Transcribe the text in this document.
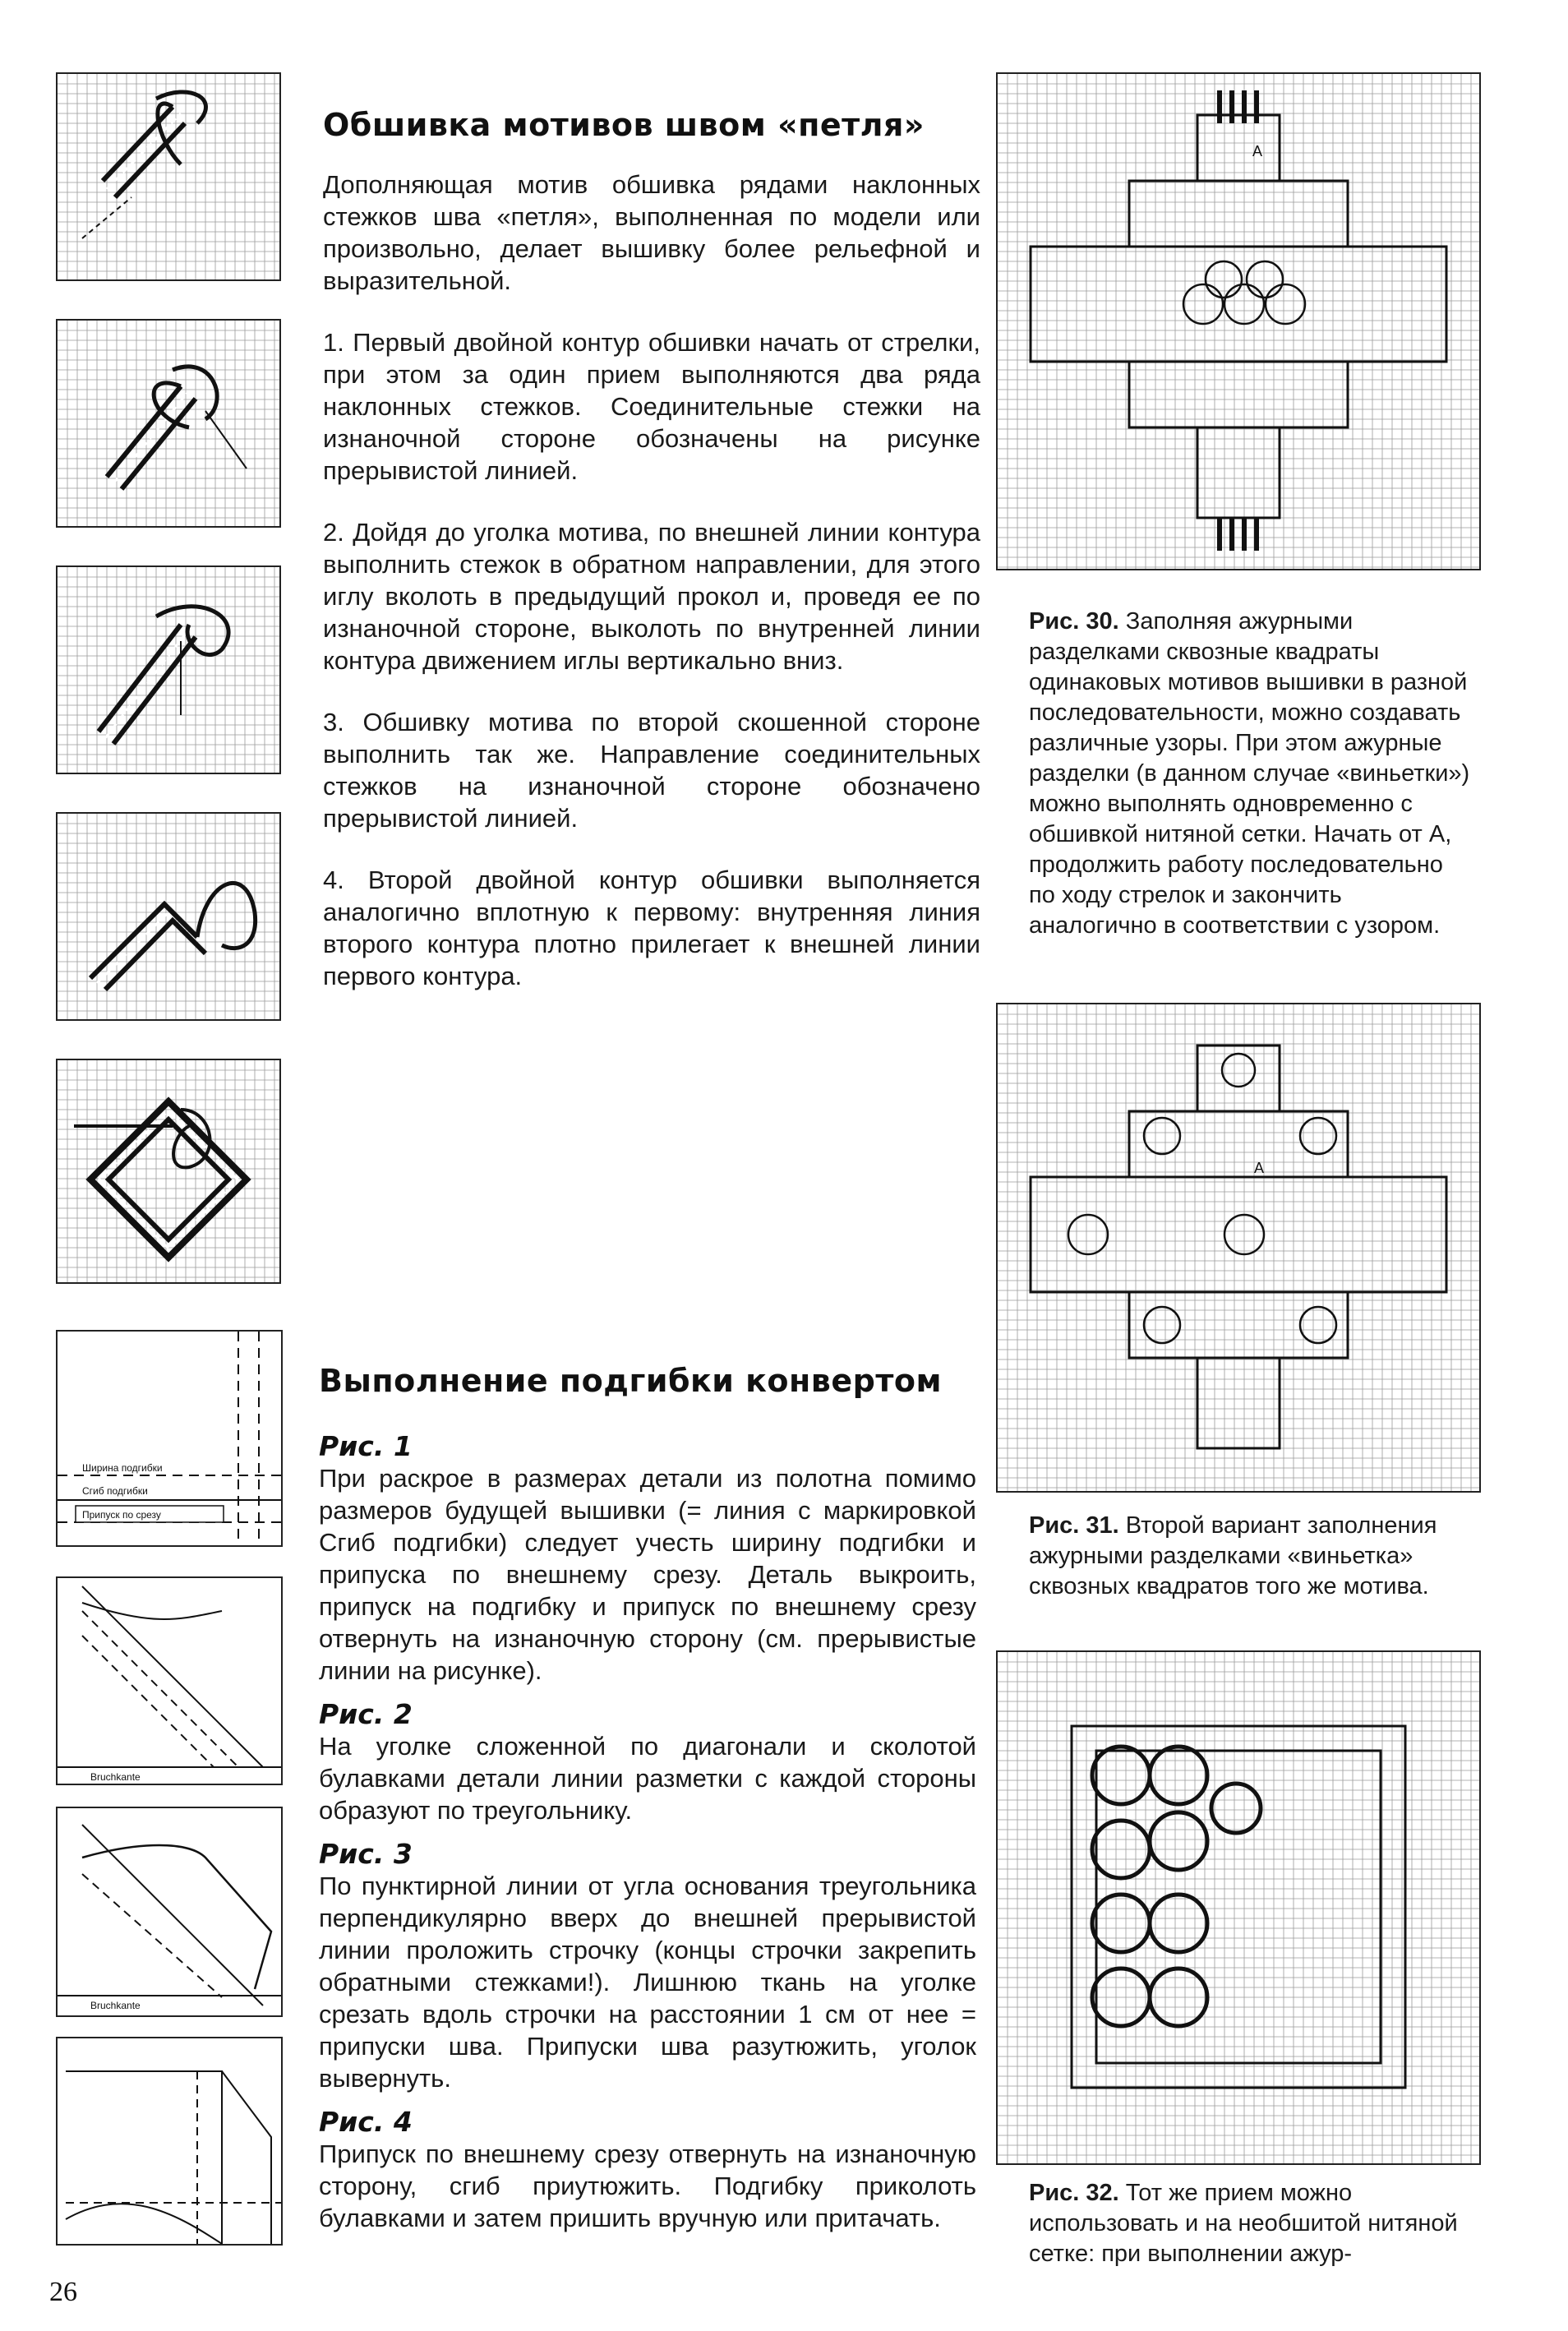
Ширина подгибки
Сгиб подгибки
Припуск по срезу
Bruchkante
Bruchkante
Обшивка мотивов швом «петля»

Дополняющая мотив обшивка рядами наклонных стежков шва «петля», выполненная по модели или произвольно, делает вышивку более рельефной и выразительной.

1. Первый двойной контур обшивки начать от стрелки, при этом за один прием выполняются два ряда наклонных стежков. Соединительные стежки на изнаночной стороне обозначены на рисунке прерывистой линией.

2. Дойдя до уголка мотива, по внешней линии контура выполнить стежок в обратном направлении, для этого иглу вколоть в предыдущий прокол и, проведя ее по изнаночной стороне, выколоть по внутренней линии контура движением иглы вертикально вниз.

3. Обшивку мотива по второй скошенной стороне выполнить так же. Направление соединительных стежков на изнаночной стороне обозначено прерывистой линией.

4. Второй двойной контур обшивки выполняется аналогично вплотную к первому: внутренняя линия второго контура плотно прилегает к внешней линии первого контура.

Выполнение подгибки конвертом

Рис. 1

При раскрое в размерах детали из полотна помимо размеров будущей вышивки (= линия с маркировкой Сгиб подгибки) следует учесть ширину подгибки и припуска по внешнему срезу. Деталь выкроить, припуск на подгибку и припуск по внешнему срезу отвернуть на изнаночную сторону (см. прерывистые линии на рисунке).

Рис. 2

На уголке сложенной по диагонали и сколотой булавками детали линии разметки с каждой стороны образуют по треугольнику.

Рис. 3

По пунктирной линии от угла основания треугольника перпендикулярно вверх до внешней прерывистой линии проложить строчку (концы строчки закрепить обратными стежками!). Лишнюю ткань на уголке срезать вдоль строчки на расстоянии 1 см от нее = припуски шва. Припуски шва разутюжить, уголок вывернуть.

Рис. 4

Припуск по внешнему срезу отвернуть на изнаночную сторону, сгиб приутюжить. Подгибку приколоть булавками и затем пришить вручную или притачать.

A

Рис. 30. Заполняя ажурными разделками сквозные квадраты одинаковых мотивов вышивки в разной последовательности, можно создавать различные узоры. При этом ажурные разделки (в данном случае «виньетки») можно выполнять одновременно с обшивкой нитяной сетки. Начать от А, продолжить работу последовательно по ходу стрелок и закончить аналогично в соответствии с узором.

A

Рис. 31. Второй вариант заполнения ажурными разделками «виньетка» сквозных квадратов того же мотива.

Рис. 32. Тот же прием можно использовать и на необшитой нитяной сетке: при выполнении ажур-

26
